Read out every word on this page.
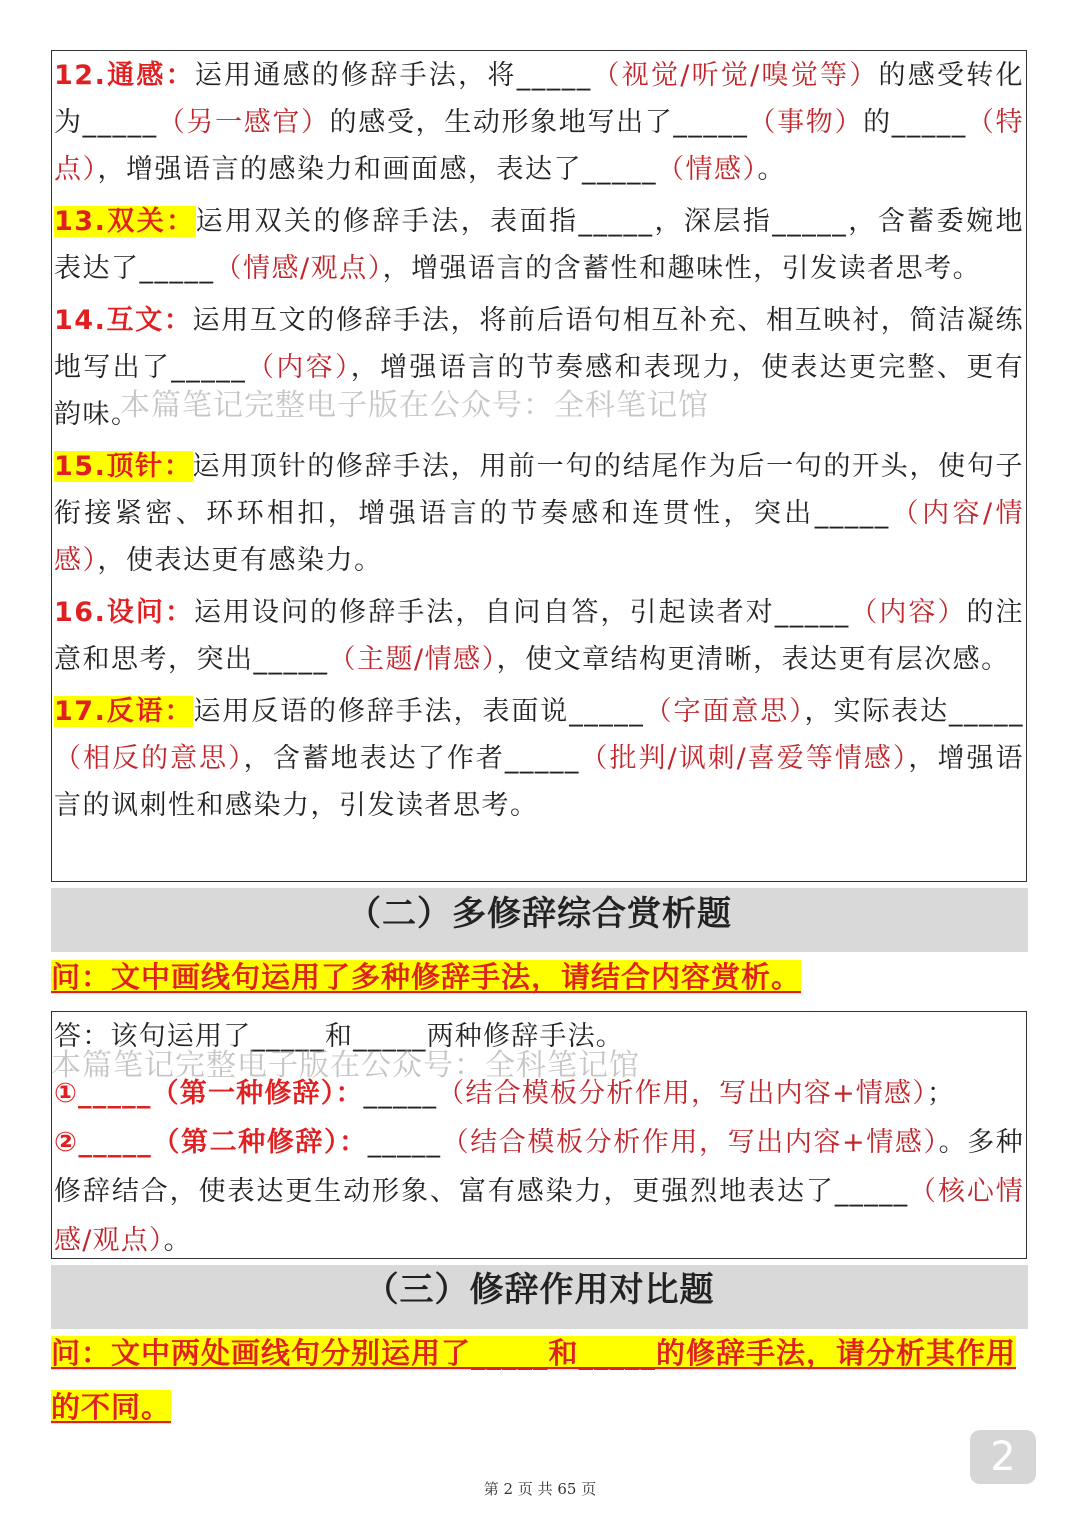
12.通感：运用通感的修辞手法，将_____（视觉/听觉/嗅觉等）的感受转化为_____（另一感官）的感受，生动形象地写出了_____（事物）的_____（特点），增强语言的感染力和画面感，表达了_____（情感）。

13.双关：运用双关的修辞手法，表面指_____，深层指_____，含蓄委婉地表达了_____（情感/观点），增强语言的含蓄性和趣味性，引发读者思考。

14.互文：运用互文的修辞手法，将前后语句相互补充、相互映衬，简洁凝练地写出了_____（内容），增强语言的节奏感和表现力，使表达更完整、更有韵味。

15.顶针：运用顶针的修辞手法，用前一句的结尾作为后一句的开头，使句子衔接紧密、环环相扣，增强语言的节奏感和连贯性，突出_____（内容/情感），使表达更有感染力。

16.设问：运用设问的修辞手法，自问自答，引起读者对_____（内容）的注意和思考，突出_____（主题/情感），使文章结构更清晰，表达更有层次感。

17.反语：运用反语的修辞手法，表面说_____（字面意思），实际表达_____（相反的意思），含蓄地表达了作者_____（批判/讽刺/喜爱等情感），增强语言的讽刺性和感染力，引发读者思考。

本篇笔记完整电子版在公众号：全科笔记馆
（二）多修辞综合赏析题
问：文中画线句运用了多种修辞手法，请结合内容赏析。
答：该句运用了_____和_____两种修辞手法。
①_____（第一种修辞）：_____（结合模板分析作用，写出内容+情感）；
②_____（第二种修辞）：_____（结合模板分析作用，写出内容+情感）。多种修辞结合，使表达更生动形象、富有感染力，更强烈地表达了_____（核心情感/观点）。
本篇笔记完整电子版在公众号：全科笔记馆
（三）修辞作用对比题
问：文中两处画线句分别运用了_____和_____的修辞手法，请分析其作用的不同。
2
第 2 页 共 65 页
